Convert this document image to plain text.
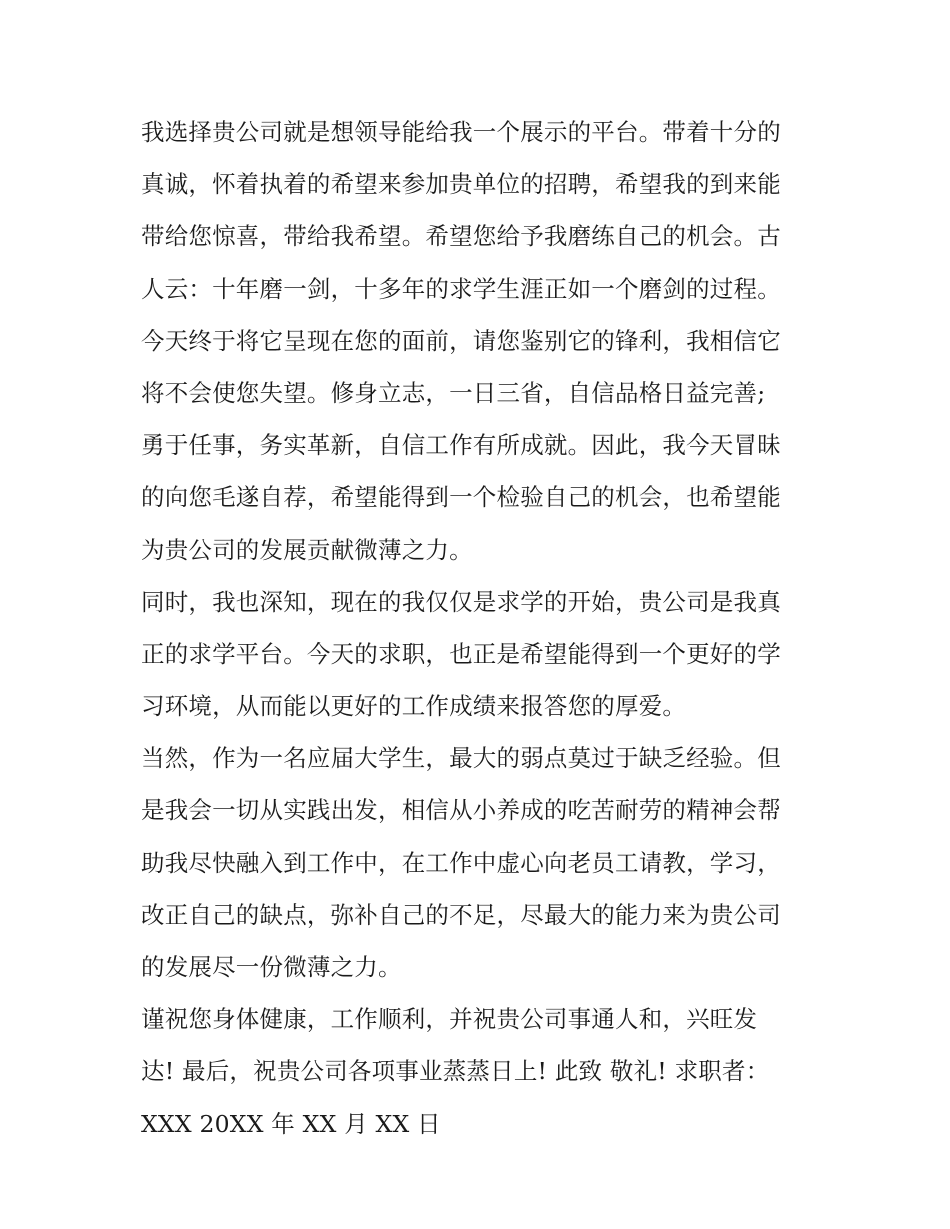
我选择贵公司就是想领导能给我一个展示的平台。带着十分的
真诚，怀着执着的希望来参加贵单位的招聘，希望我的到来能
带给您惊喜，带给我希望。希望您给予我磨练自己的机会。古
人云：十年磨一剑，十多年的求学生涯正如一个磨剑的过程。
今天终于将它呈现在您的面前，请您鉴别它的锋利，我相信它
将不会使您失望。修身立志，一日三省，自信品格日益完善;
勇于任事，务实革新，自信工作有所成就。因此，我今天冒昧
的向您毛遂自荐，希望能得到一个检验自己的机会，也希望能
为贵公司的发展贡献微薄之力。
同时，我也深知，现在的我仅仅是求学的开始，贵公司是我真
正的求学平台。今天的求职，也正是希望能得到一个更好的学
习环境，从而能以更好的工作成绩来报答您的厚爱。
当然，作为一名应届大学生，最大的弱点莫过于缺乏经验。但
是我会一切从实践出发，相信从小养成的吃苦耐劳的精神会帮
助我尽快融入到工作中，在工作中虚心向老员工请教，学习，
改正自己的缺点，弥补自己的不足，尽最大的能力来为贵公司
的发展尽一份微薄之力。
谨祝您身体健康，工作顺利，并祝贵公司事通人和，兴旺发
达! 最后，祝贵公司各项事业蒸蒸日上! 此致 敬礼! 求职者：
XXX 20XX 年 XX 月 XX 日
